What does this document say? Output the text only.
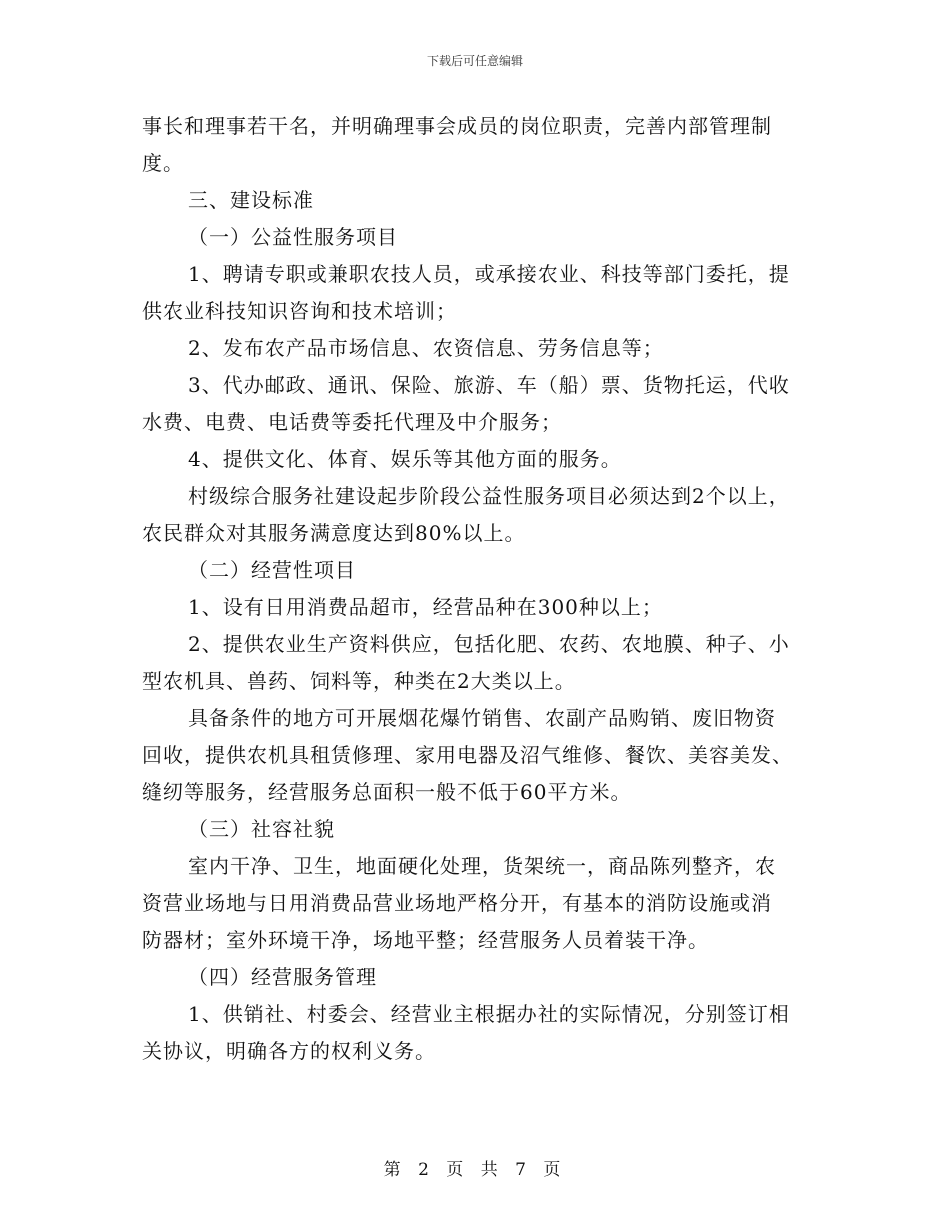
下载后可任意编辑
事长和理事若干名，并明确理事会成员的岗位职责，完善内部管理制
度。
三、建设标准
（一）公益性服务项目
1、聘请专职或兼职农技人员，或承接农业、科技等部门委托，提
供农业科技知识咨询和技术培训；
2、发布农产品市场信息、农资信息、劳务信息等；
3、代办邮政、通讯、保险、旅游、车（船）票、货物托运，代收
水费、电费、电话费等委托代理及中介服务；
4、提供文化、体育、娱乐等其他方面的服务。
村级综合服务社建设起步阶段公益性服务项目必须达到2个以上，
农民群众对其服务满意度达到80%以上。
（二）经营性项目
1、设有日用消费品超市，经营品种在300种以上；
2、提供农业生产资料供应，包括化肥、农药、农地膜、种子、小
型农机具、兽药、饲料等，种类在2大类以上。
具备条件的地方可开展烟花爆竹销售、农副产品购销、废旧物资
回收，提供农机具租赁修理、家用电器及沼气维修、餐饮、美容美发、
缝纫等服务，经营服务总面积一般不低于60平方米。
（三）社容社貌
室内干净、卫生，地面硬化处理，货架统一，商品陈列整齐，农
资营业场地与日用消费品营业场地严格分开，有基本的消防设施或消
防器材；室外环境干净，场地平整；经营服务人员着装干净。
（四）经营服务管理
1、供销社、村委会、经营业主根据办社的实际情况，分别签订相
关协议，明确各方的权利义务。
第 2 页 共 7 页
